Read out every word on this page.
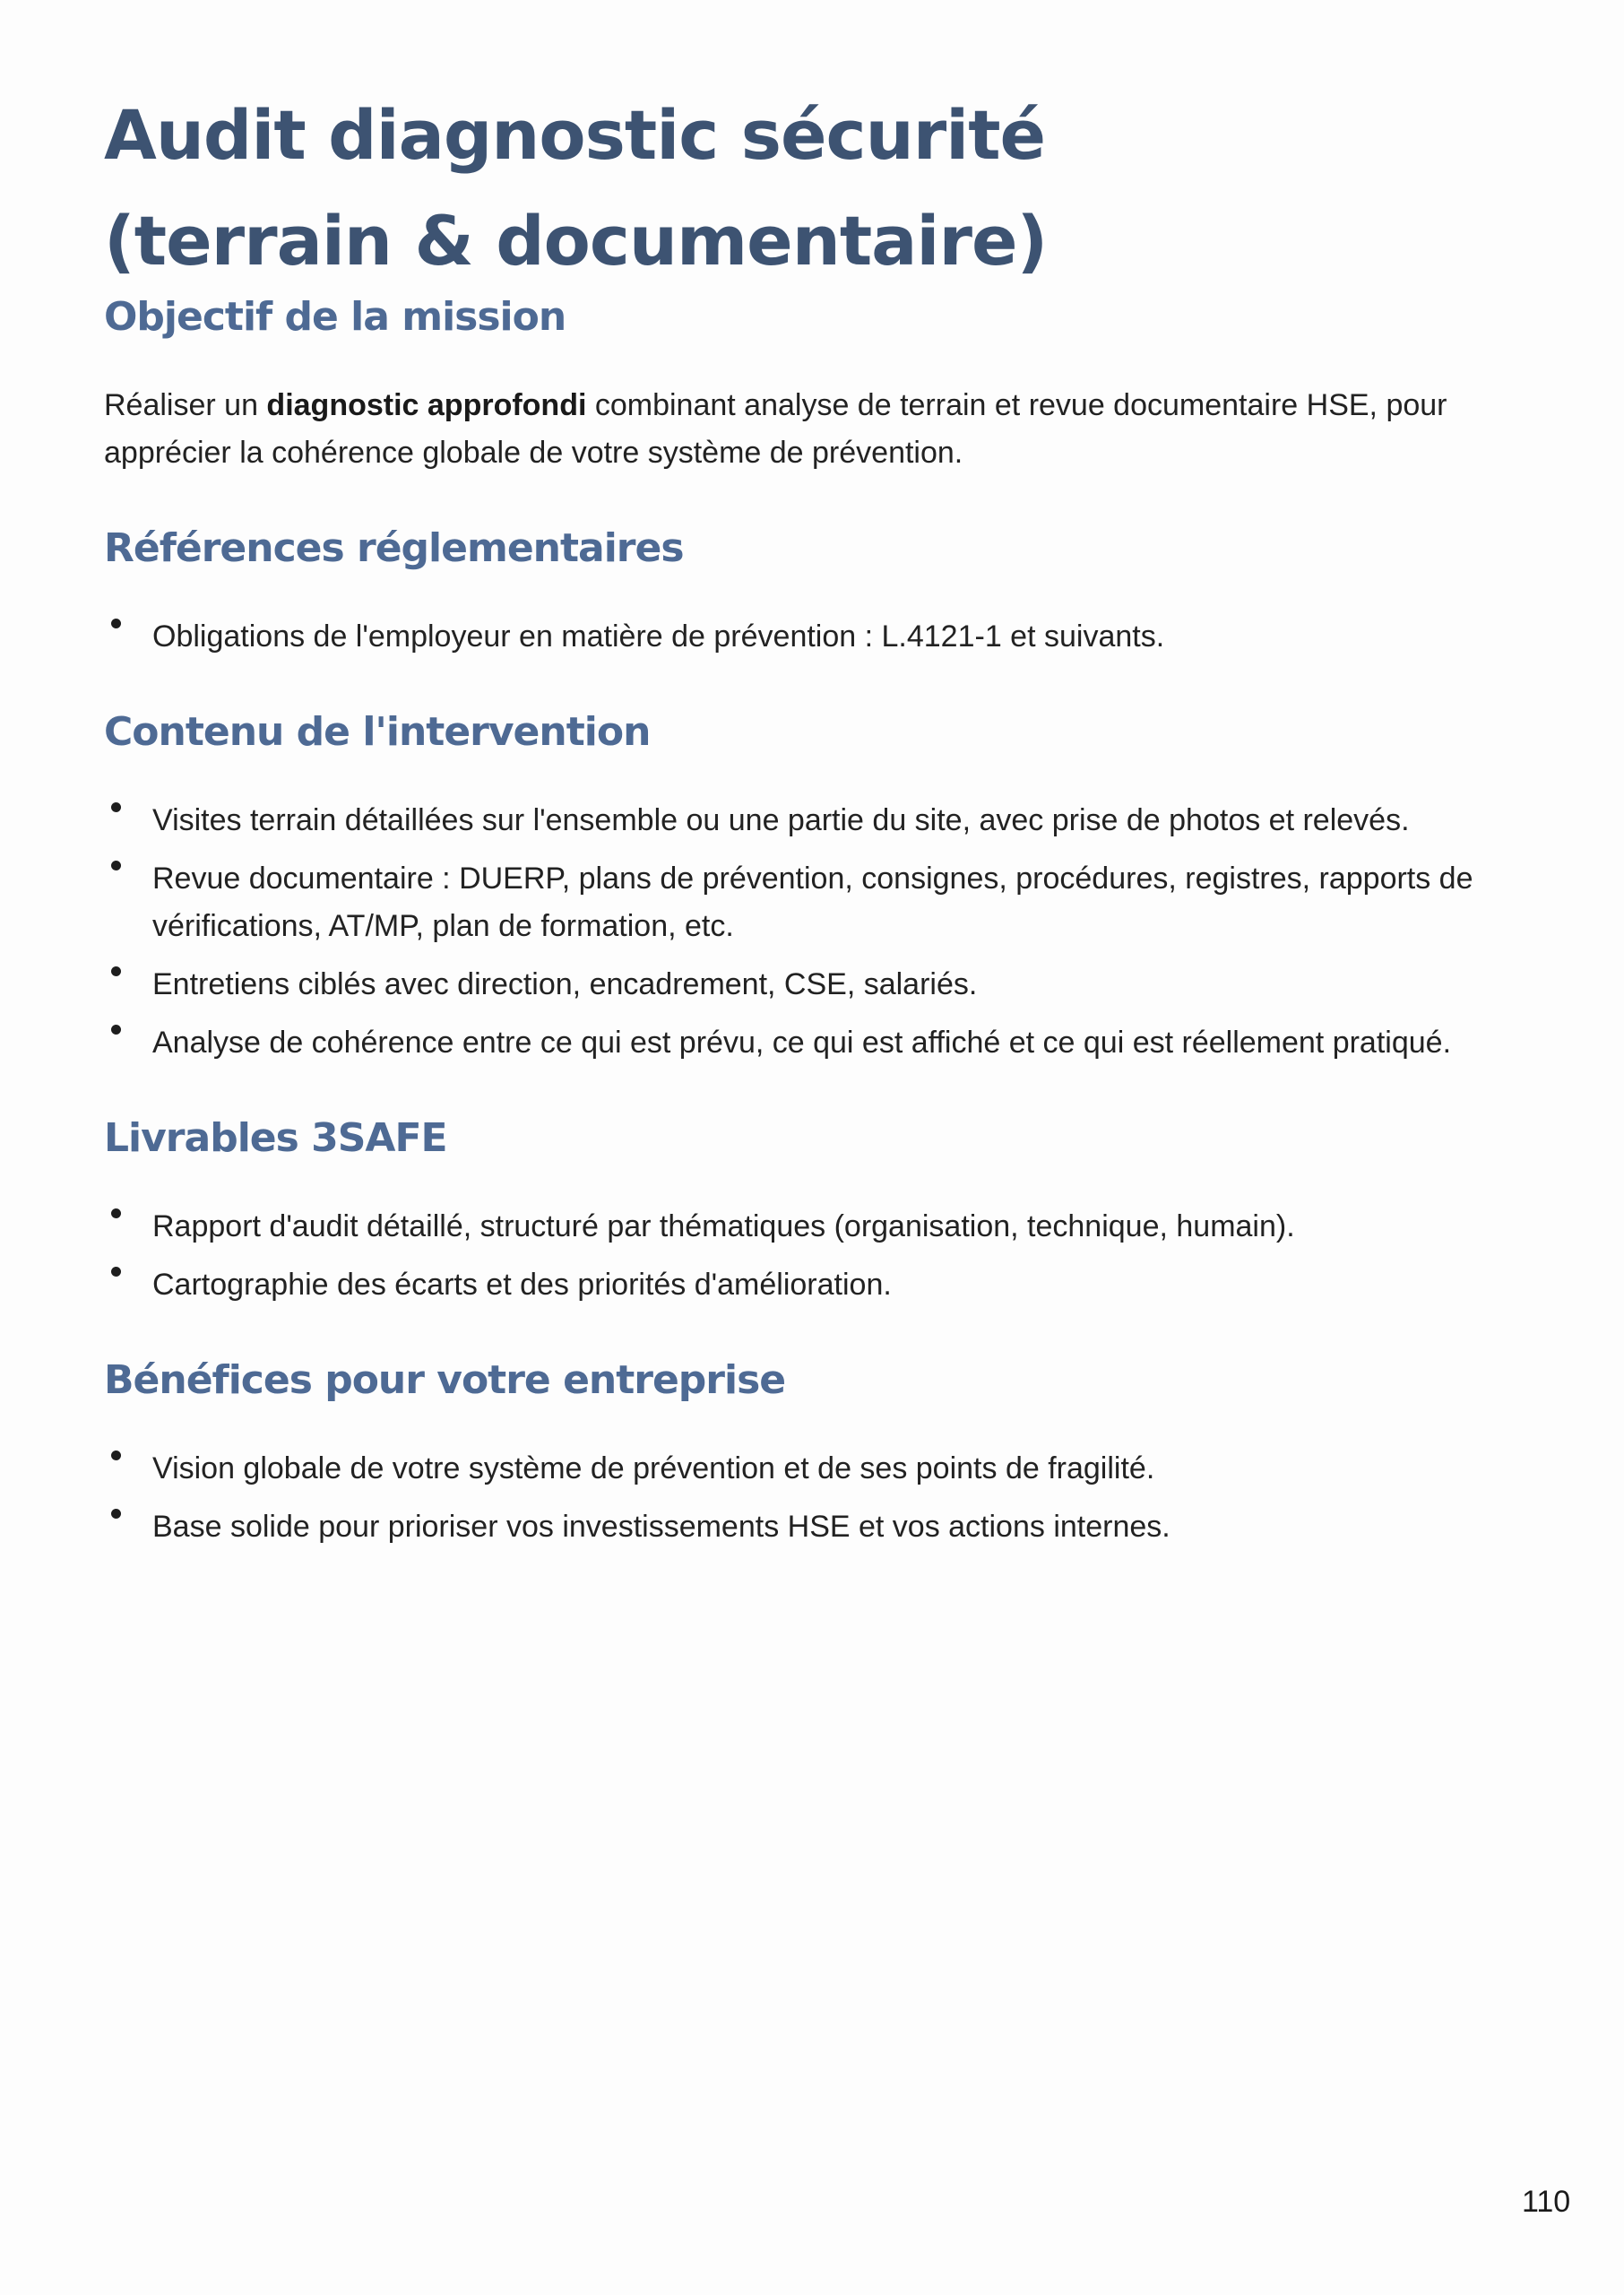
Audit diagnostic sécurité
(terrain & documentaire)
Objectif de la mission

Réaliser un diagnostic approfondi combinant analyse de terrain et revue documentaire HSE, pour apprécier la cohérence globale de votre système de prévention.

Références réglementaires
Obligations de l'employeur en matière de prévention : L.4121-1 et suivants.
Contenu de l'intervention
Visites terrain détaillées sur l'ensemble ou une partie du site, avec prise de photos et relevés.
Revue documentaire : DUERP, plans de prévention, consignes, procédures, registres, rapports de vérifications, AT/MP, plan de formation, etc.
Entretiens ciblés avec direction, encadrement, CSE, salariés.
Analyse de cohérence entre ce qui est prévu, ce qui est affiché et ce qui est réellement pratiqué.
Livrables 3SAFE
Rapport d'audit détaillé, structuré par thématiques (organisation, technique, humain).
Cartographie des écarts et des priorités d'amélioration.
Bénéfices pour votre entreprise
Vision globale de votre système de prévention et de ses points de fragilité.
Base solide pour prioriser vos investissements HSE et vos actions internes.
110
